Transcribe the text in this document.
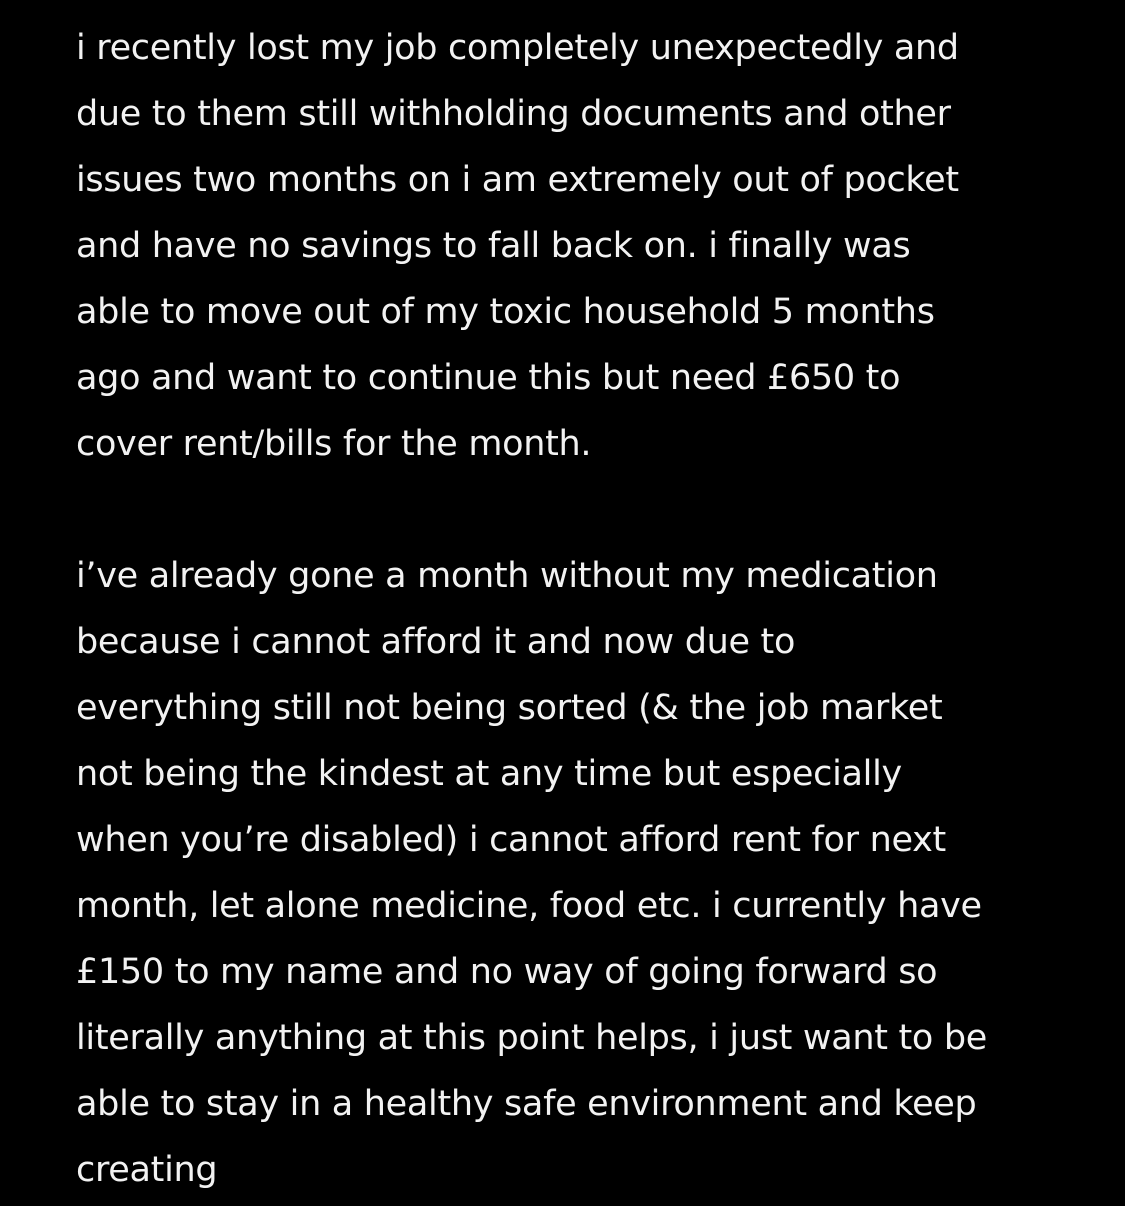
i recently lost my job completely unexpectedly and
due to them still withholding documents and other
issues two months on i am extremely out of pocket
and have no savings to fall back on. i finally was
able to move out of my toxic household 5 months
ago and want to continue this but need £650 to
cover rent/bills for the month.
i’ve already gone a month without my medication
because i cannot afford it and now due to
everything still not being sorted (& the job market
not being the kindest at any time but especially
when you’re disabled) i cannot afford rent for next
month, let alone medicine, food etc. i currently have
£150 to my name and no way of going forward so
literally anything at this point helps, i just want to be
able to stay in a healthy safe environment and keep
creating
